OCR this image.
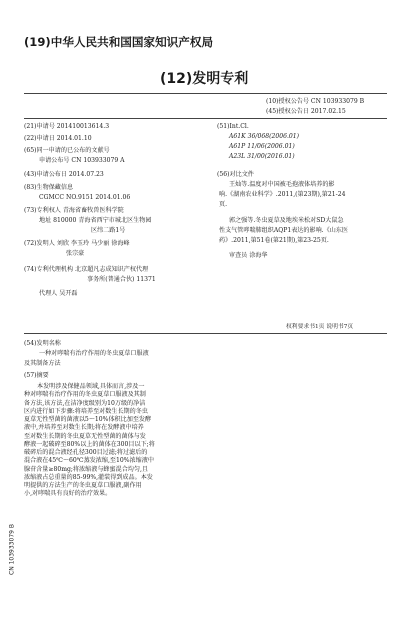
(19)中华人民共和国国家知识产权局
(12)发明专利
(10)授权公告号 CN 103933079 B
(45)授权公告日 2017.02.15
(21)申请号 201410013614.3
(22)申请日 2014.01.10
(65)同一申请的已公布的文献号
申请公布号 CN 103933079 A
(43)申请公布日 2014.07.23
(83)生物保藏信息
CGMCC NO.9151 2014.01.06
(73)专利权人 青海省畜牧兽医科学院
地址 810000 青海省西宁市城北区生物园
区纬二路1号
(72)发明人 刘欣 李玉玲 马少丽 徐海峰
张宗豪
(74)专利代理机构 北京超凡志成知识产权代理
事务所(普通合伙) 11371
代理人 吴开磊
(51)Int.Cl.
A61K 36/068(2006.01)
A61P 11/06(2006.01)
A23L 31/00(2016.01)
(56)对比文件
王灿等.温度对中国被毛孢液体培养的影
响.《湖南农业科学》.2011,(第23期),第21-24
页.
郭之强等.冬虫夏草及地埃米松对SD大鼠急
性支气管哮喘肺组织AQP1表达的影响.《山东医
药》.2011,第51卷(第21期),第23-25页.
审查员 涂海华
权利要求书1页 说明书7页
(54)发明名称
一种对哮喘有治疗作用的冬虫夏草口服液
及其制备方法
(57)摘要
本发明涉及保健品领域,具体而言,涉及一
种对哮喘有治疗作用的冬虫夏草口服液及其制
备方法,该方法,在洁净度级别为10万级的净洁
区内进行如下步骤:将培养至对数生长期的冬虫
夏草无性型菌的菌液以5～10%体积比加至发酵
液中,并培养至对数生长期;将在发酵液中培养
至对数生长期的冬虫夏草无性型菌的菌体与发
酵液一起破碎至80%以上的菌体在300目以下;将
破碎后的混合液经孔径300目过滤;将过滤后的
混合液在45℃～60℃蒸发浓缩,至10%浓缩液中
腺苷含量≥80mg;将浓缩液与蜂蜜混合均匀,且
浓缩液占总重量的85-99%,灌装得到成品。本发
明提供的方法生产的冬虫夏草口服液,副作用
小,对哮喘具有良好的治疗效果。
CN 103933079 B
